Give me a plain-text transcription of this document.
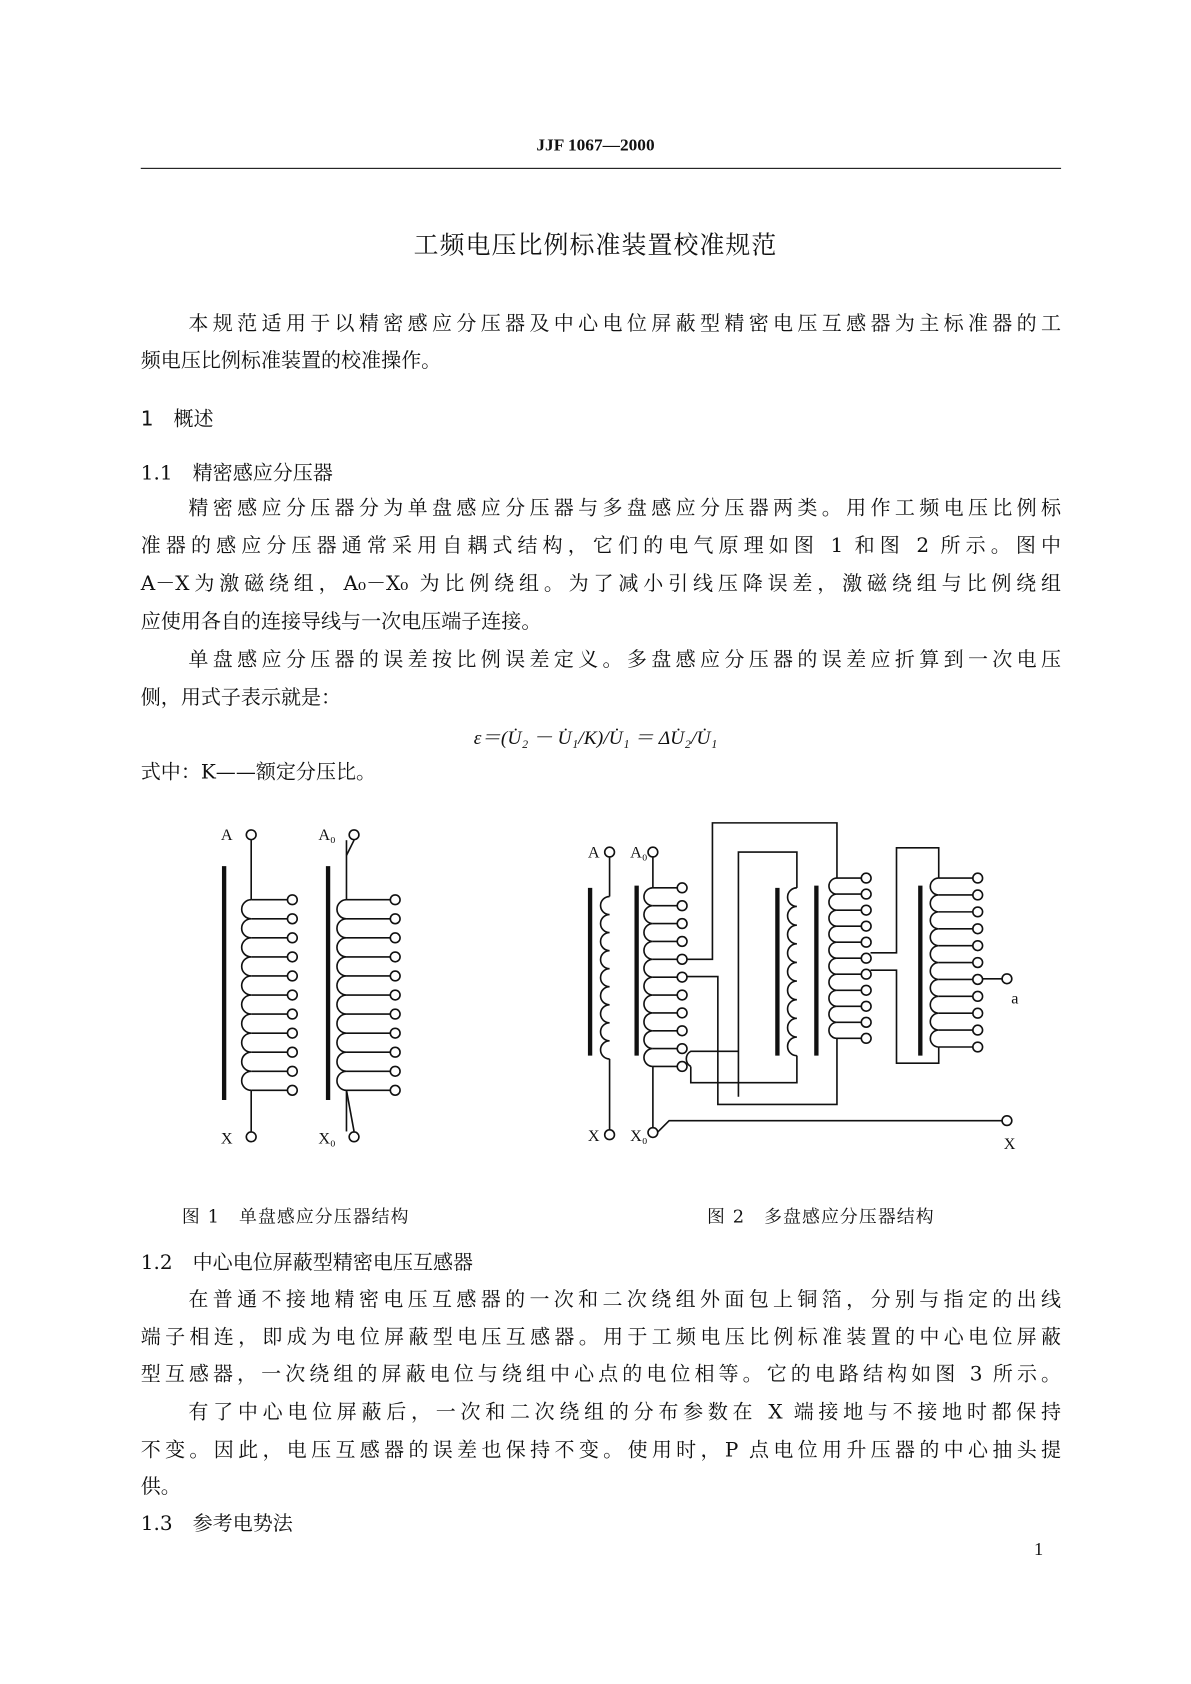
JJF 1067—2000
工频电压比例标准装置校准规范
本规范适用于以精密感应分压器及中心电位屏蔽型精密电压互感器为主标准器的工
频电压比例标准装置的校准操作。
1　概述
1.1　精密感应分压器
精密感应分压器分为单盘感应分压器与多盘感应分压器两类。用作工频电压比例标
准器的感应分压器通常采用自耦式结构，它们的电气原理如图 1 和图 2 所示。图中
A－X为激磁绕组，A₀－X₀ 为比例绕组。为了减小引线压降误差，激磁绕组与比例绕组
应使用各自的连接导线与一次电压端子连接。
单盘感应分压器的误差按比例误差定义。多盘感应分压器的误差应折算到一次电压
侧，用式子表示就是：
ε＝(U̇₂ － U̇₁/K)/U̇₁ ＝ ΔU̇₂/U̇₁
式中：K——额定分压比。
A	A₀
X	X₀
A A₀
X X₀
a
X
图 1　单盘感应分压器结构	图 2　多盘感应分压器结构
1.2　中心电位屏蔽型精密电压互感器
在普通不接地精密电压互感器的一次和二次绕组外面包上铜箔，分别与指定的出线
端子相连，即成为电位屏蔽型电压互感器。用于工频电压比例标准装置的中心电位屏蔽
型互感器，一次绕组的屏蔽电位与绕组中心点的电位相等。它的电路结构如图 3 所示。
有了中心电位屏蔽后，一次和二次绕组的分布参数在 X 端接地与不接地时都保持
不变。因此，电压互感器的误差也保持不变。使用时，P 点电位用升压器的中心抽头提
供。
1.3　参考电势法
1
